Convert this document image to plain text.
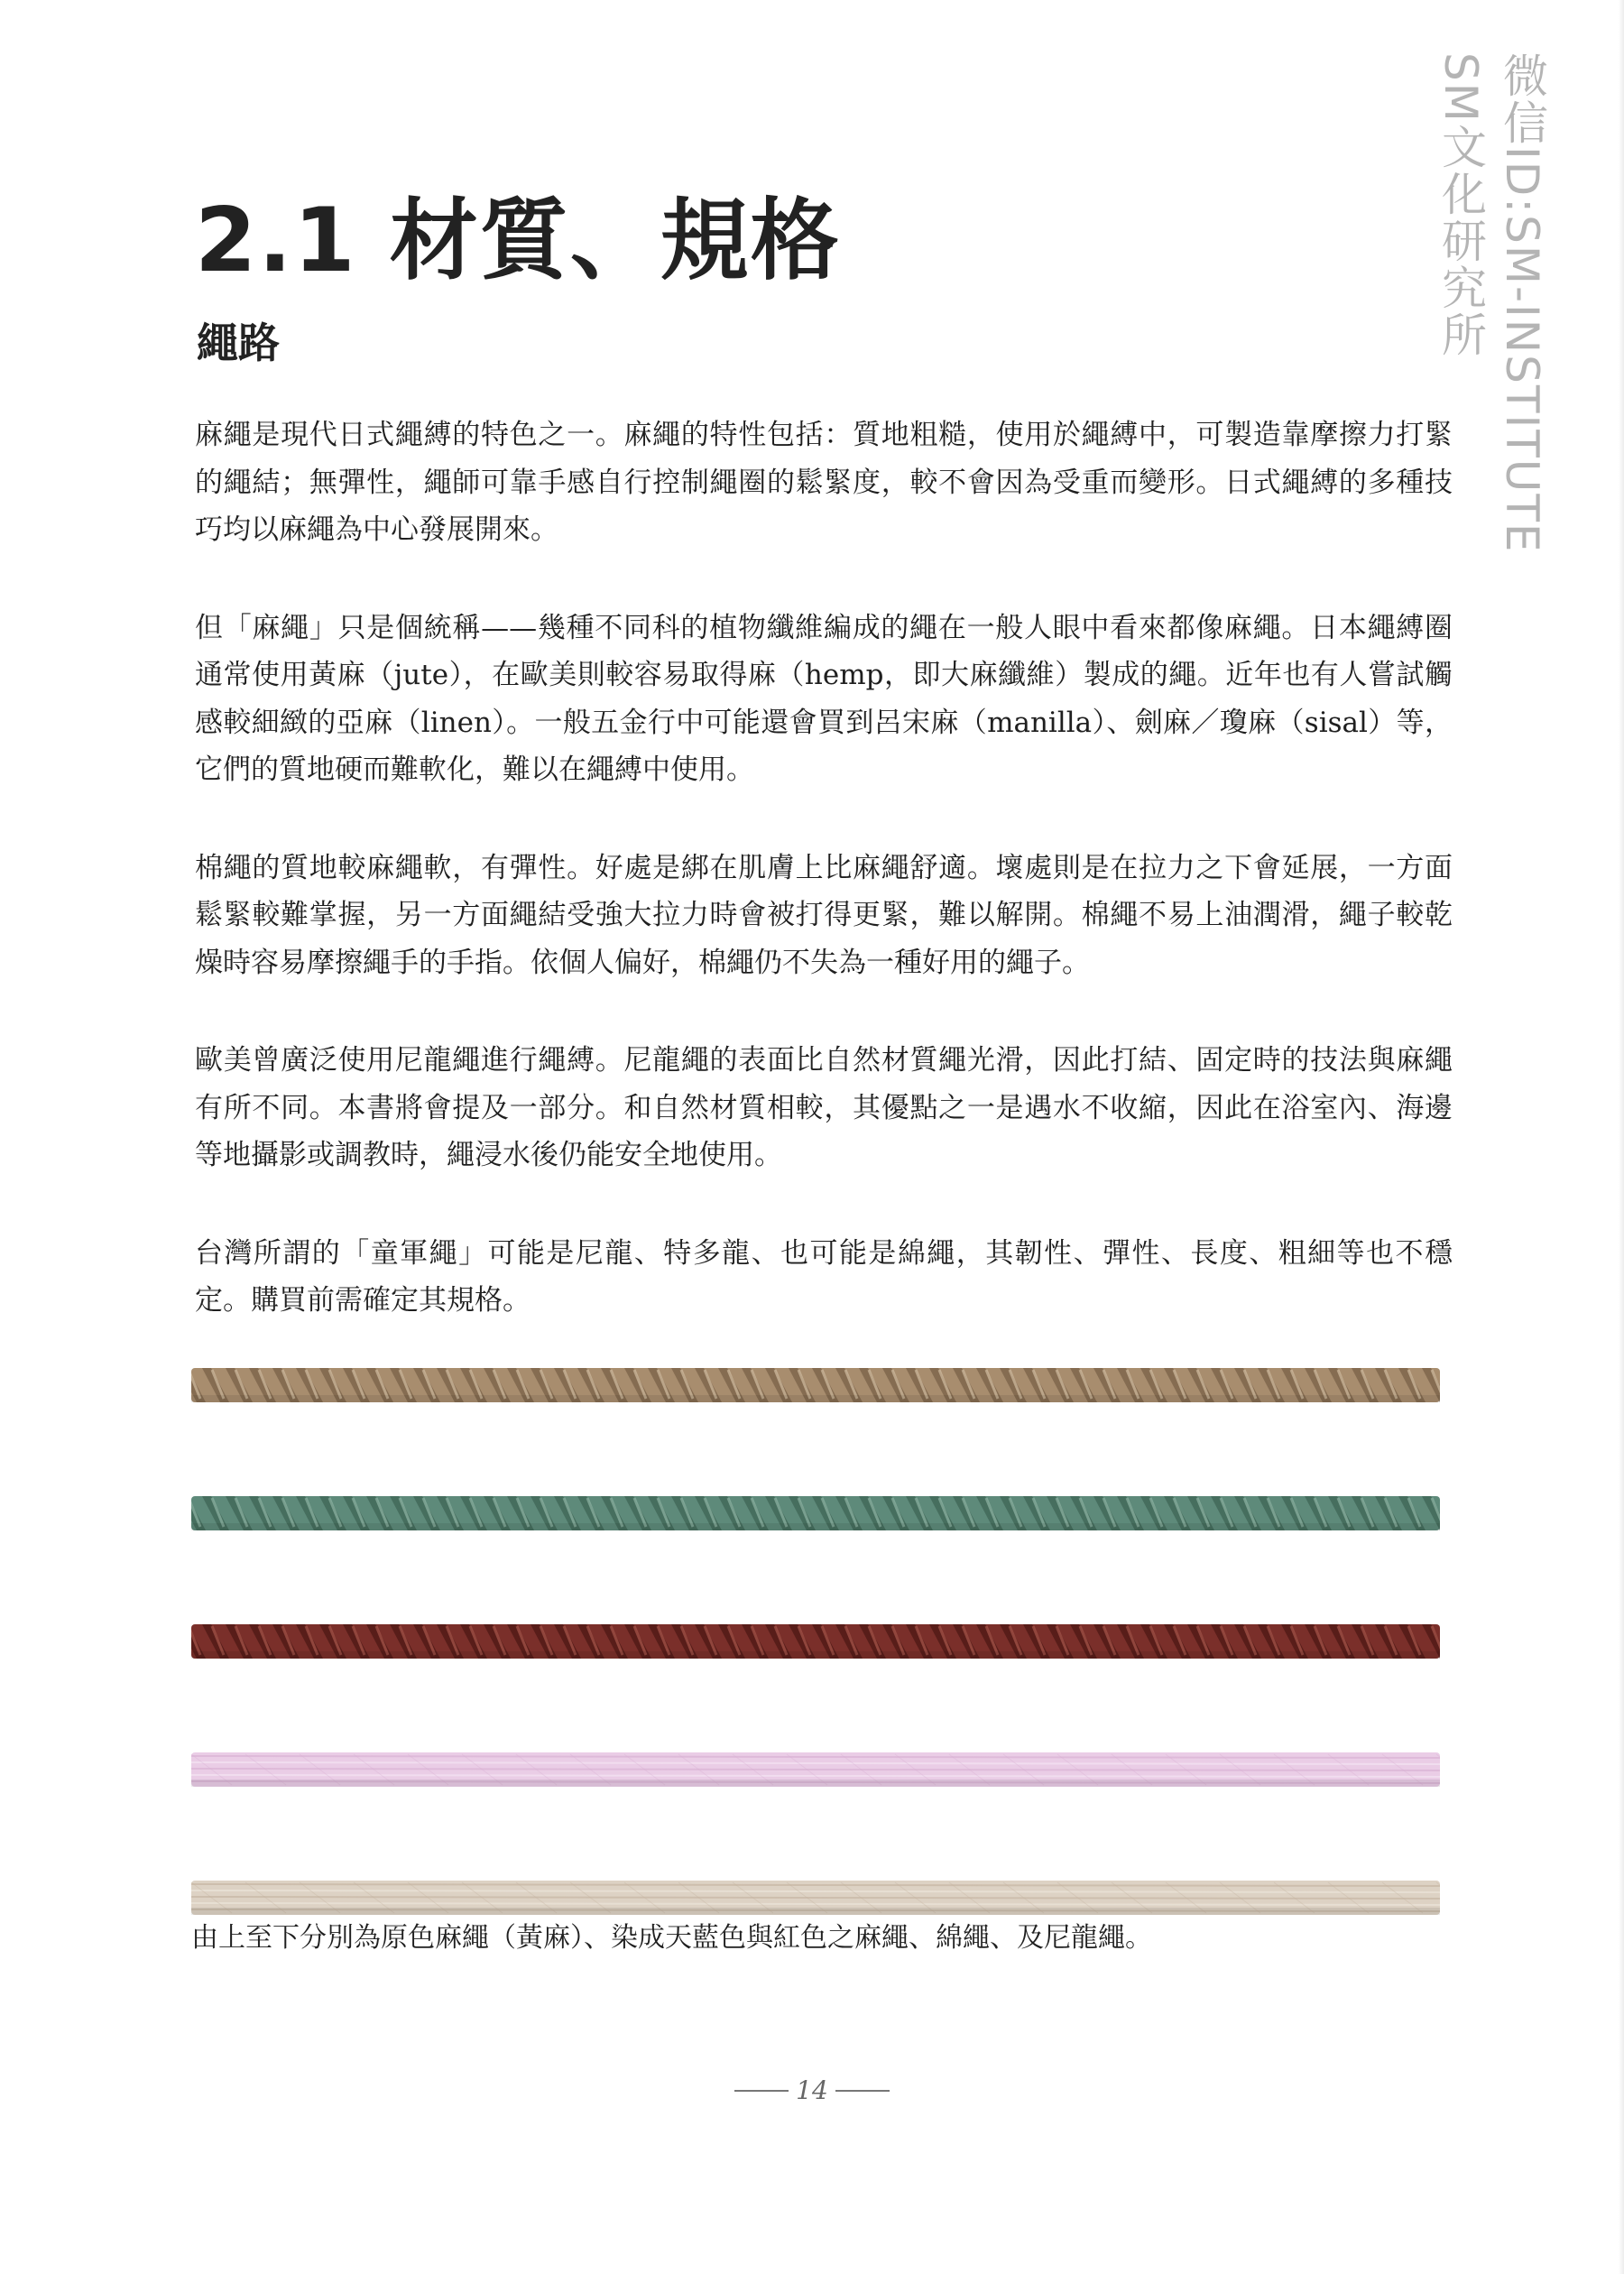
微信ID:SM-INSTITUTE
SM文化研究所
2.1 材質、規格
繩路

麻繩是現代日式繩縛的特色之一。麻繩的特性包括：質地粗糙，使用於繩縛中，可製造靠摩擦力打緊的繩結；無彈性，繩師可靠手感自行控制繩圈的鬆緊度，較不會因為受重而變形。日式繩縛的多種技巧均以麻繩為中心發展開來。

但「麻繩」只是個統稱——幾種不同科的植物纖維編成的繩在一般人眼中看來都像麻繩。日本繩縛圈通常使用黃麻（jute），在歐美則較容易取得麻（hemp，即大麻纖維）製成的繩。近年也有人嘗試觸感較細緻的亞麻（linen）。一般五金行中可能還會買到呂宋麻（manilla）、劍麻／瓊麻（sisal）等，它們的質地硬而難軟化，難以在繩縛中使用。

棉繩的質地較麻繩軟，有彈性。好處是綁在肌膚上比麻繩舒適。壞處則是在拉力之下會延展，一方面鬆緊較難掌握，另一方面繩結受強大拉力時會被打得更緊，難以解開。棉繩不易上油潤滑，繩子較乾燥時容易摩擦繩手的手指。依個人偏好，棉繩仍不失為一種好用的繩子。

歐美曾廣泛使用尼龍繩進行繩縛。尼龍繩的表面比自然材質繩光滑，因此打結、固定時的技法與麻繩有所不同。本書將會提及一部分。和自然材質相較，其優點之一是遇水不收縮，因此在浴室內、海邊等地攝影或調教時，繩浸水後仍能安全地使用。

台灣所謂的「童軍繩」可能是尼龍、特多龍、也可能是綿繩，其韌性、彈性、長度、粗細等也不穩定。購買前需確定其規格。

由上至下分別為原色麻繩（黃麻）、染成天藍色與紅色之麻繩、綿繩、及尼龍繩。

14
